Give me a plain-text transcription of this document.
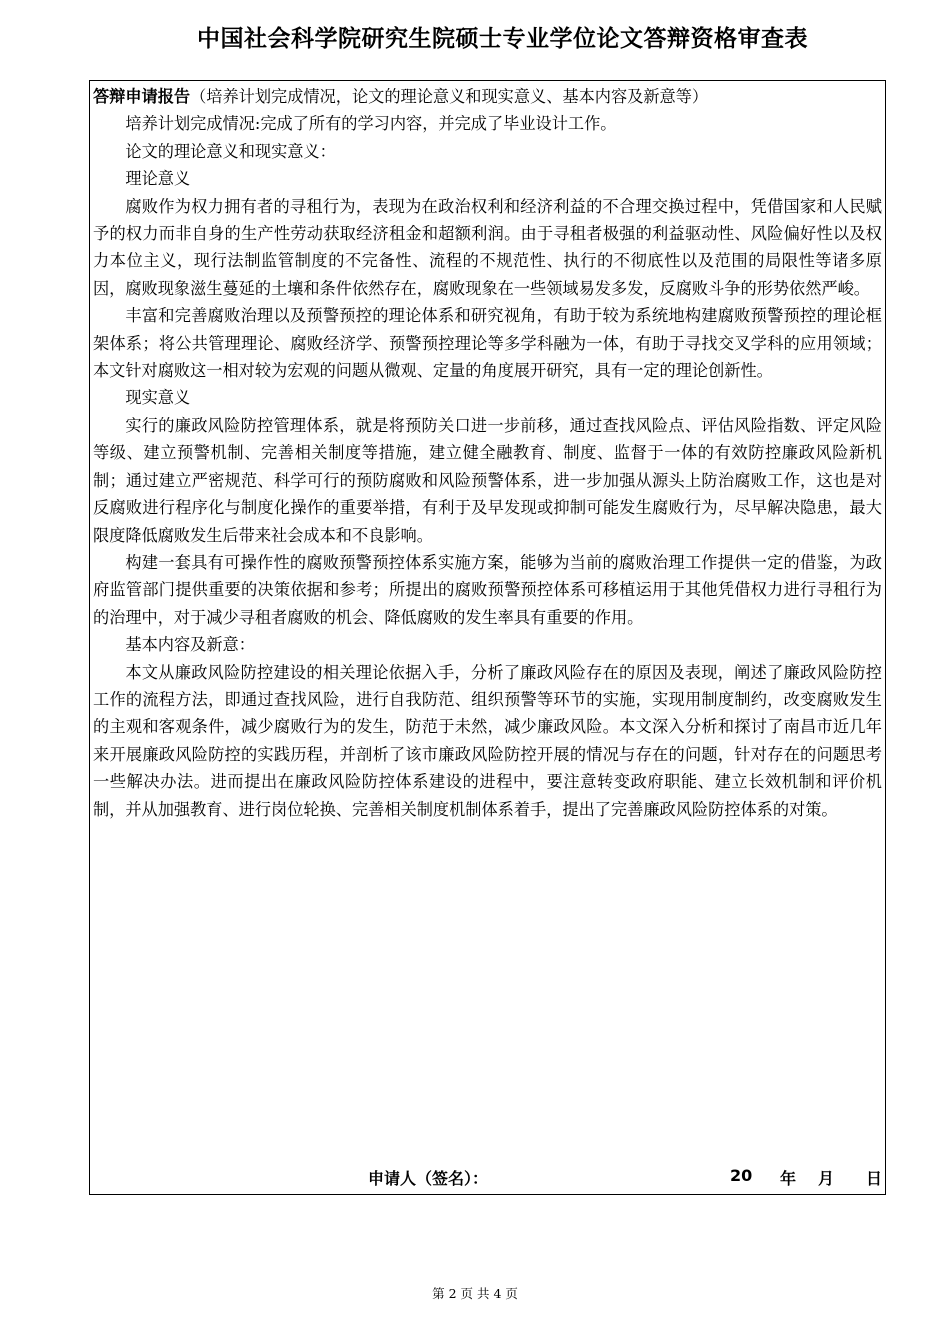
中国社会科学院研究生院硕士专业学位论文答辩资格审查表

答辩申请报告（培养计划完成情况，论文的理论意义和现实意义、基本内容及新意等）

培养计划完成情况:完成了所有的学习内容，并完成了毕业设计工作。

论文的理论意义和现实意义：

理论意义

腐败作为权力拥有者的寻租行为，表现为在政治权利和经济利益的不合理交换过程中，凭借国家和人民赋予的权力而非自身的生产性劳动获取经济租金和超额利润。由于寻租者极强的利益驱动性、风险偏好性以及权力本位主义，现行法制监管制度的不完备性、流程的不规范性、执行的不彻底性以及范围的局限性等诸多原因，腐败现象滋生蔓延的土壤和条件依然存在，腐败现象在一些领域易发多发，反腐败斗争的形势依然严峻。

丰富和完善腐败治理以及预警预控的理论体系和研究视角，有助于较为系统地构建腐败预警预控的理论框架体系；将公共管理理论、腐败经济学、预警预控理论等多学科融为一体，有助于寻找交叉学科的应用领域；本文针对腐败这一相对较为宏观的问题从微观、定量的角度展开研究，具有一定的理论创新性。

现实意义

实行的廉政风险防控管理体系，就是将预防关口进一步前移，通过查找风险点、评估风险指数、评定风险等级、建立预警机制、完善相关制度等措施，建立健全融教育、制度、监督于一体的有效防控廉政风险新机制；通过建立严密规范、科学可行的预防腐败和风险预警体系，进一步加强从源头上防治腐败工作，这也是对反腐败进行程序化与制度化操作的重要举措，有利于及早发现或抑制可能发生腐败行为，尽早解决隐患，最大限度降低腐败发生后带来社会成本和不良影响。

构建一套具有可操作性的腐败预警预控体系实施方案，能够为当前的腐败治理工作提供一定的借鉴，为政府监管部门提供重要的决策依据和参考；所提出的腐败预警预控体系可移植运用于其他凭借权力进行寻租行为的治理中，对于减少寻租者腐败的机会、降低腐败的发生率具有重要的作用。

基本内容及新意：

本文从廉政风险防控建设的相关理论依据入手，分析了廉政风险存在的原因及表现，阐述了廉政风险防控工作的流程方法，即通过查找风险，进行自我防范、组织预警等环节的实施，实现用制度制约，改变腐败发生的主观和客观条件，减少腐败行为的发生，防范于未然，减少廉政风险。本文深入分析和探讨了南昌市近几年来开展廉政风险防控的实践历程，并剖析了该市廉政风险防控开展的情况与存在的问题，针对存在的问题思考一些解决办法。进而提出在廉政风险防控体系建设的进程中，要注意转变政府职能、建立长效机制和评价机制，并从加强教育、进行岗位轮换、完善相关制度机制体系着手，提出了完善廉政风险防控体系的对策。

申请人（签名）：	20 年 月 日
第 2 页 共 4 页
